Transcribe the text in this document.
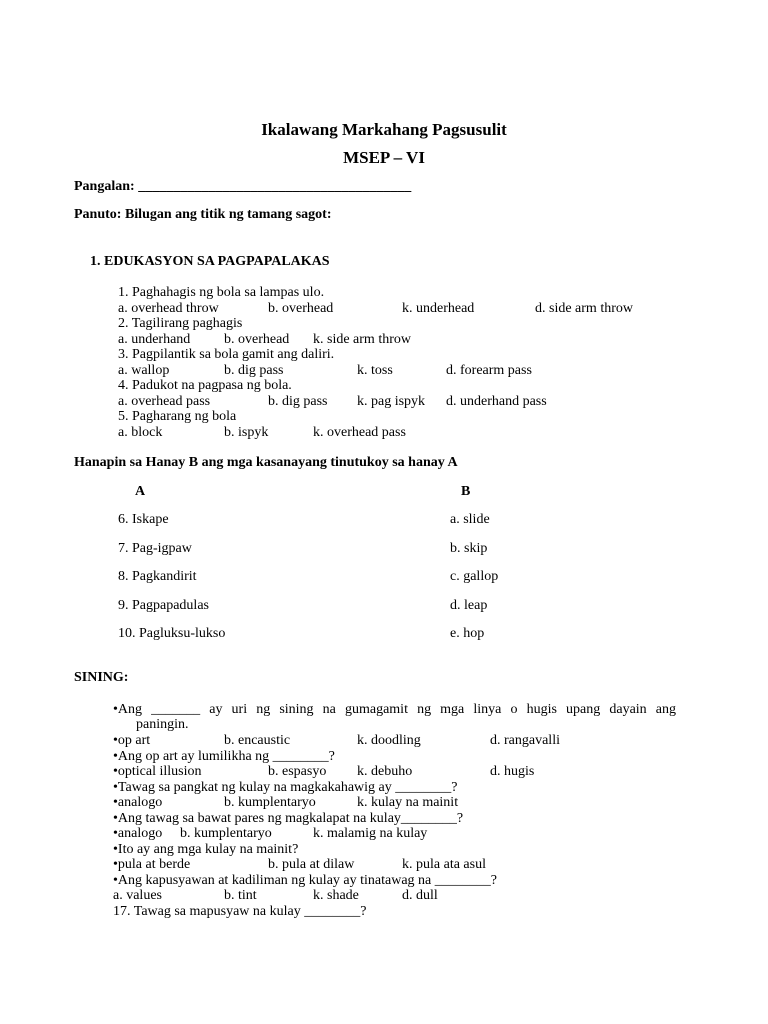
Ikalawang Markahang Pagsusulit
MSEP – VI
Pangalan: _______________________________________
Panuto: Bilugan ang titik ng tamang sagot:
1. EDUKASYON SA PAGPAPALAKAS
1. Paghahagis ng bola sa lampas ulo.
a. overhead throw	b. overhead	k. underhead	d. side arm throw
2. Tagilirang paghagis
a. underhand b. overhead k. side arm throw
3. Pagpilantik sa bola gamit ang daliri.
a. wallop	b. dig pass	k. toss	d. forearm pass
4. Padukot na pagpasa ng bola.
a. overhead pass	b. dig pass k. pag ispyk d. underhand pass
5. Pagharang ng bola
a. block	b. ispyk	k. overhead pass
Hanapin sa Hanay B ang mga kasanayang tinutukoy sa hanay A
A	B
6. Iskape	a. slide
7. Pag-igpaw	b. skip
8. Pagkandirit	c. gallop
9. Pagpapadulas	d. leap
10. Pagluksu-lukso	e. hop
SINING:
•Ang _______ ay uri ng sining na gumagamit ng mga linya o hugis upang dayain ang
paningin.
•op art	b. encaustic	k. doodling	d. rangavalli
•Ang op art ay lumilikha ng ________?
•optical illusion	b. espasyo k. debuho	d. hugis
•Tawag sa pangkat ng kulay na magkakahawig ay ________?
•analogo	b. kumplentaryo	k. kulay na mainit
•Ang tawag sa bawat pares ng magkalapat na kulay________?
•analogo b. kumplentaryo	k. malamig na kulay
•Ito ay ang mga kulay na mainit?
•pula at berde	b. pula at dilaw	k. pula ata asul
•Ang kapusyawan at kadiliman ng kulay ay tinatawag na ________?
a. values	b. tint	k. shade	d. dull
17. Tawag sa mapusyaw na kulay ________?
